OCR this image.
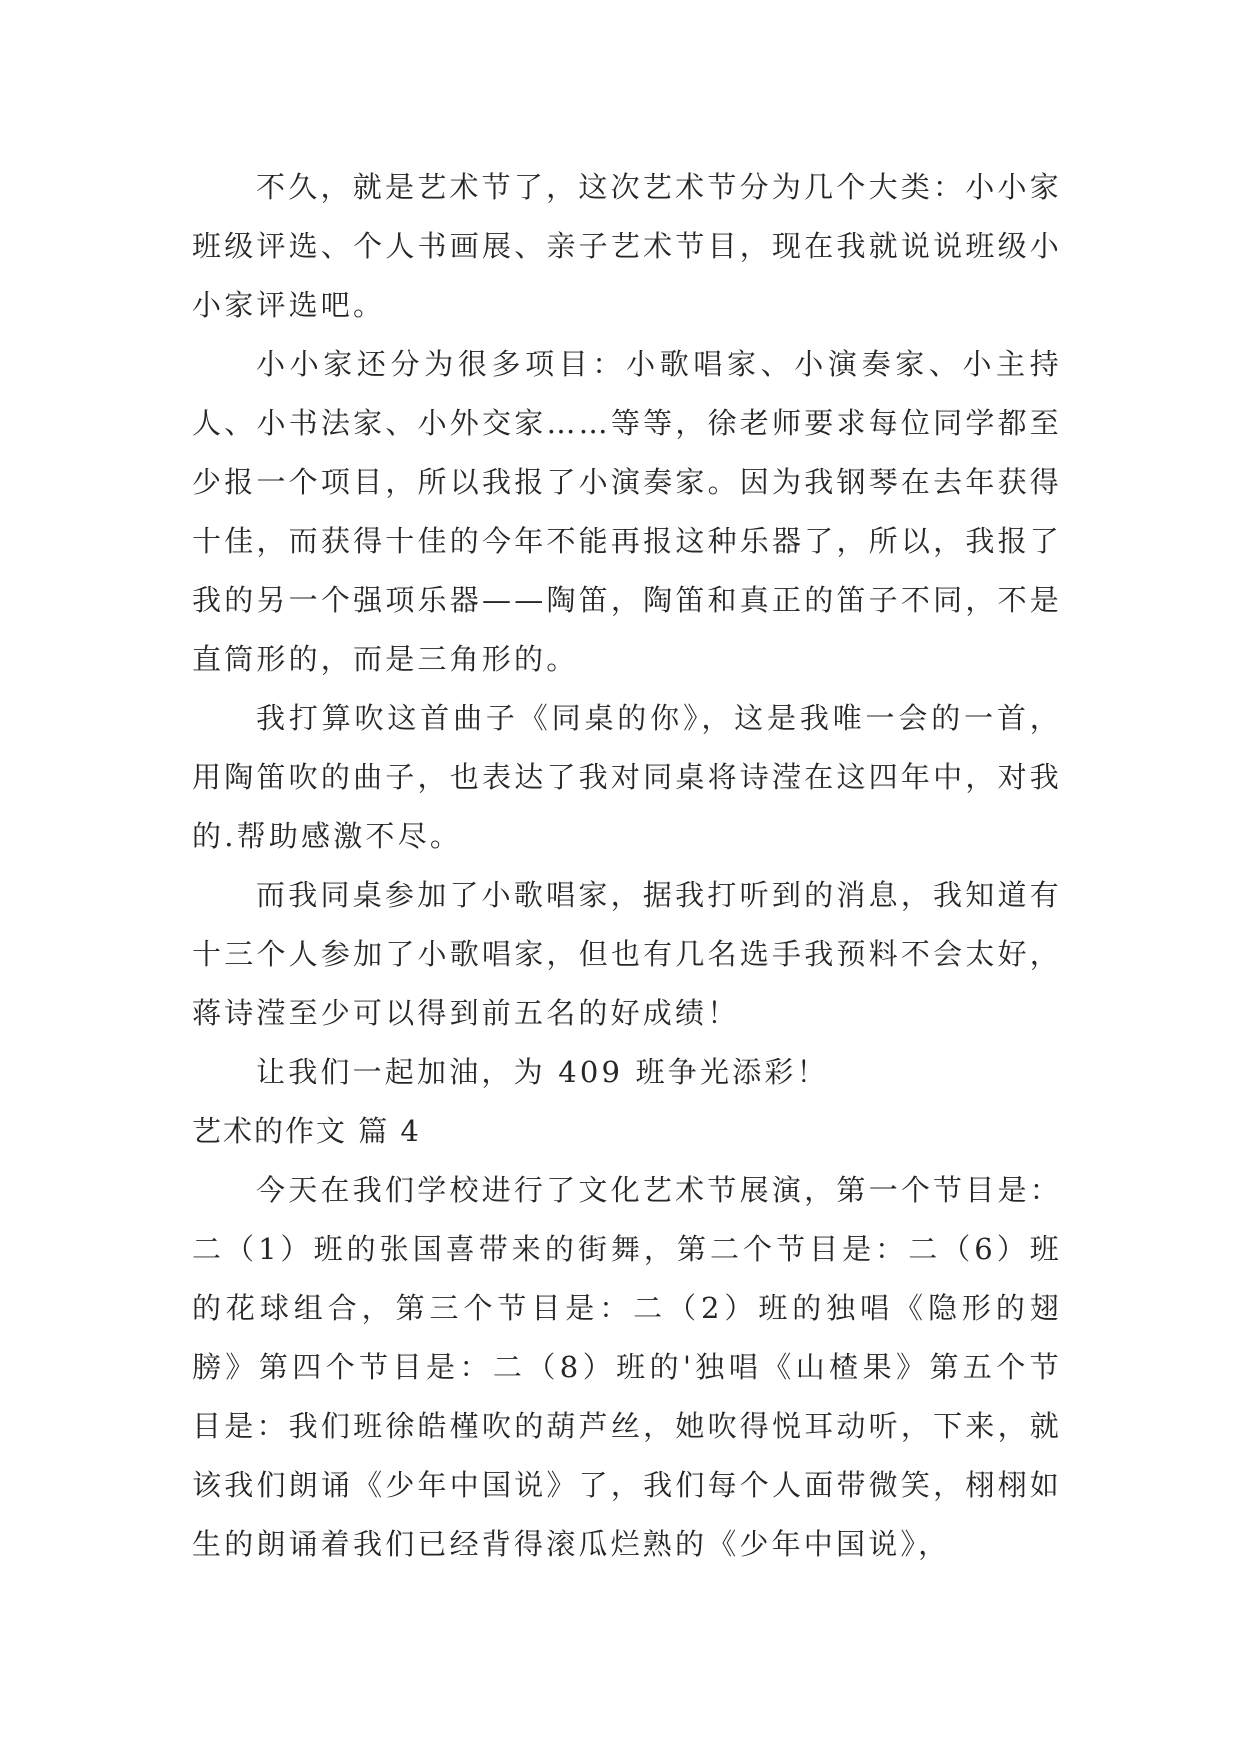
不久，就是艺术节了，这次艺术节分为几个大类：小小家班级评选、个人书画展、亲子艺术节目，现在我就说说班级小小家评选吧。

小小家还分为很多项目：小歌唱家、小演奏家、小主持人、小书法家、小外交家……等等，徐老师要求每位同学都至少报一个项目，所以我报了小演奏家。因为我钢琴在去年获得十佳，而获得十佳的今年不能再报这种乐器了，所以，我报了我的另一个强项乐器——陶笛，陶笛和真正的笛子不同，不是直筒形的，而是三角形的。

我打算吹这首曲子《同桌的你》，这是我唯一会的一首，用陶笛吹的曲子，也表达了我对同桌将诗滢在这四年中，对我的.帮助感激不尽。

而我同桌参加了小歌唱家，据我打听到的消息，我知道有十三个人参加了小歌唱家，但也有几名选手我预料不会太好，蒋诗滢至少可以得到前五名的好成绩！

让我们一起加油，为 409 班争光添彩！

艺术的作文 篇 4

今天在我们学校进行了文化艺术节展演，第一个节目是：二（1）班的张国喜带来的街舞，第二个节目是：二（6）班的花球组合，第三个节目是：二（2）班的独唱《隐形的翅膀》第四个节目是：二（8）班的'独唱《山楂果》第五个节目是：我们班徐皓槿吹的葫芦丝，她吹得悦耳动听，下来，就该我们朗诵《少年中国说》了，我们每个人面带微笑，栩栩如生的朗诵着我们已经背得滚瓜烂熟的《少年中国说》，
